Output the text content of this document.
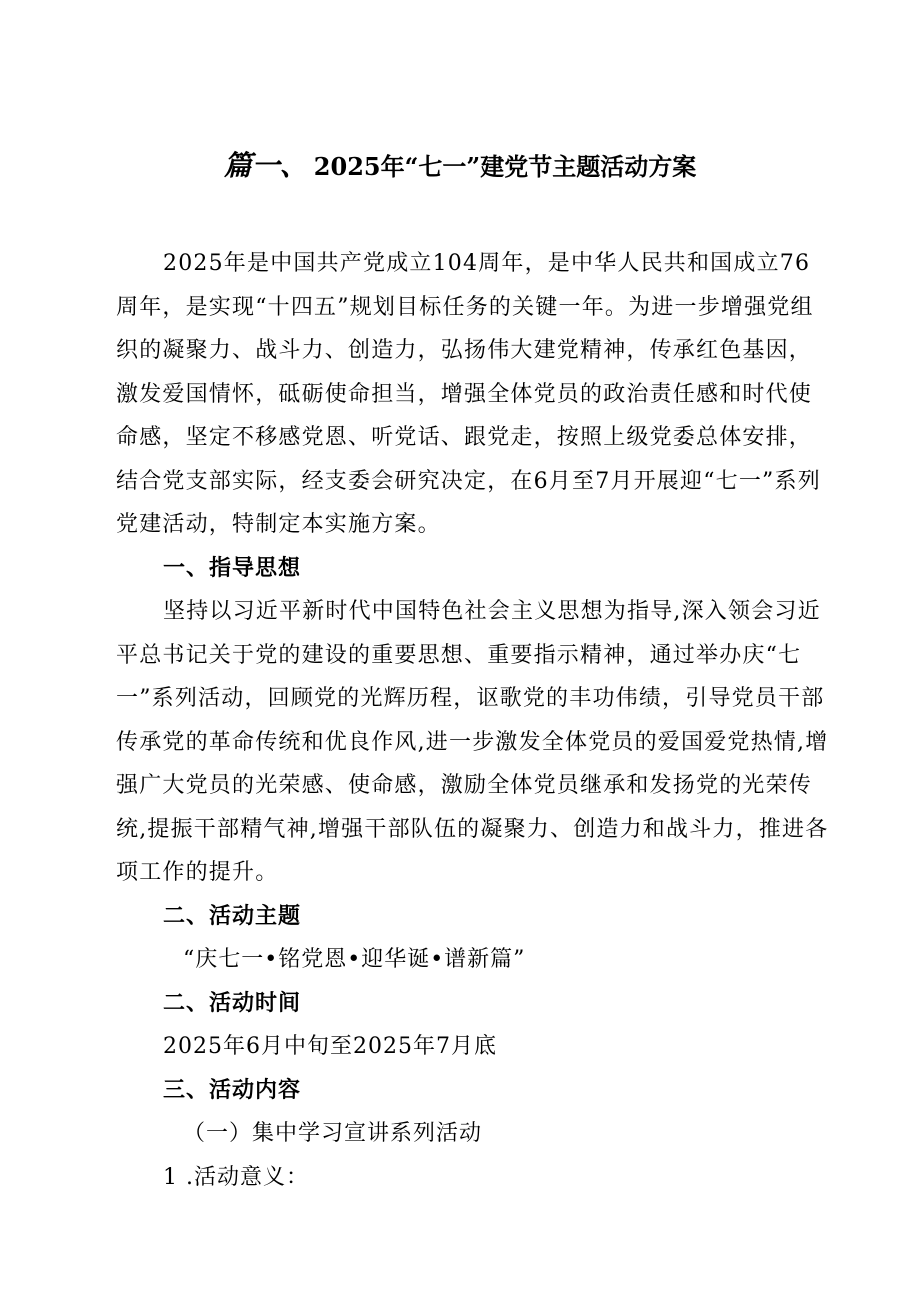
篇一、 2025年“七一”建党节主题活动方案

2025年是中国共产党成立104周年，是中华人民共和国成立76周年，是实现“十四五”规划目标任务的关键一年。为进一步增强党组织的凝聚力、战斗力、创造力，弘扬伟大建党精神，传承红色基因，激发爱国情怀，砥砺使命担当，增强全体党员的政治责任感和时代使命感，坚定不移感党恩、听党话、跟党走，按照上级党委总体安排，结合党支部实际，经支委会研究决定，在6月至7月开展迎“七一”系列党建活动，特制定本实施方案。

一、指导思想

坚持以习近平新时代中国特色社会主义思想为指导,深入领会习近平总书记关于党的建设的重要思想、重要指示精神，通过举办庆“七一”系列活动，回顾党的光辉历程，讴歌党的丰功伟绩，引导党员干部传承党的革命传统和优良作风,进一步激发全体党员的爱国爱党热情,增强广大党员的光荣感、使命感，激励全体党员继承和发扬党的光荣传统,提振干部精气神,增强干部队伍的凝聚力、创造力和战斗力，推进各项工作的提升。

二、活动主题

“庆七一•铭党恩•迎华诞•谱新篇”

二、活动时间

2025年6月中旬至2025年7月底

三、活动内容

（一）集中学习宣讲系列活动

1 .活动意义：
